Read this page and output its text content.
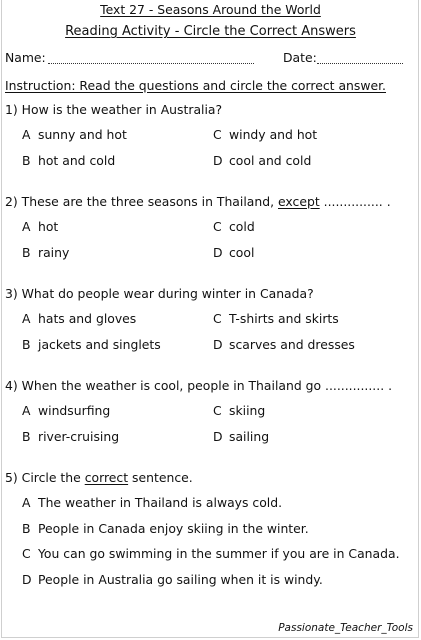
Text 27 - Seasons Around the World
Reading Activity - Circle the Correct Answers
Name:	Date:
Instruction: Read the questions and circle the correct answer.
1) How is the weather in Australia?
A sunny and hot	C windy and hot
B hot and cold	D cool and cold
2) These are the three seasons in Thailand, except ............... .
A hot	C cold
B rainy	D cool
3) What do people wear during winter in Canada?
A hats and gloves	C T-shirts and skirts
B jackets and singlets	D scarves and dresses
4) When the weather is cool, people in Thailand go ............... .
A windsurfing	C skiing
B river-cruising	D sailing
5) Circle the correct sentence.
A The weather in Thailand is always cold.
B People in Canada enjoy skiing in the winter.
C You can go swimming in the summer if you are in Canada.
D People in Australia go sailing when it is windy.
Passionate_Teacher_Tools
